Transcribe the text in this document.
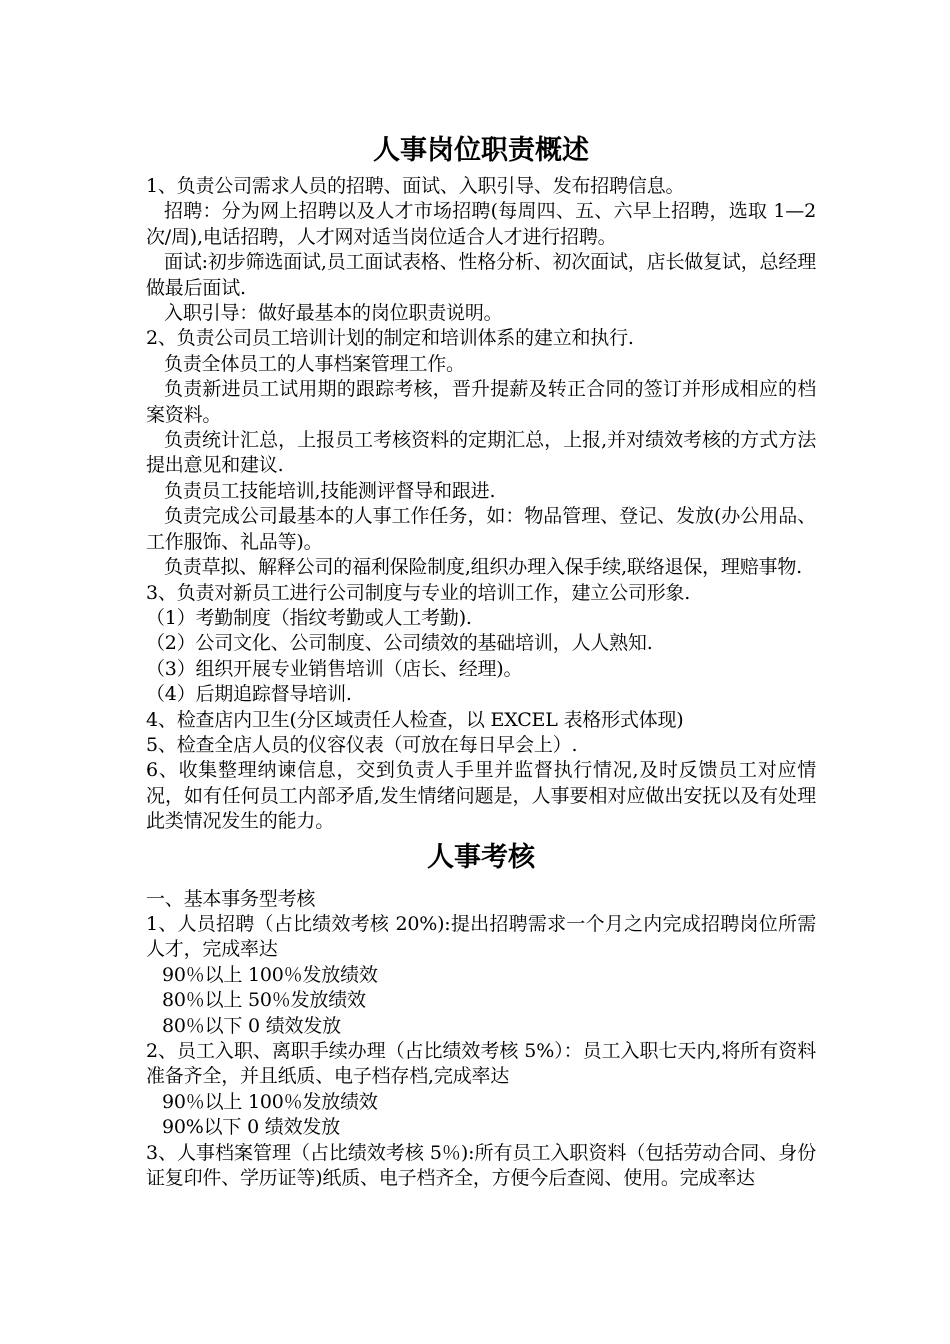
人事岗位职责概述

1、负责公司需求人员的招聘、面试、入职引导、发布招聘信息。

招聘：分为网上招聘以及人才市场招聘(每周四、五、六早上招聘，选取 1—2 次/周),电话招聘，人才网对适当岗位适合人才进行招聘。

面试:初步筛选面试,员工面试表格、性格分析、初次面试，店长做复试，总经理做最后面试.

入职引导：做好最基本的岗位职责说明。

2、负责公司员工培训计划的制定和培训体系的建立和执行.

负责全体员工的人事档案管理工作。

负责新进员工试用期的跟踪考核，晋升提薪及转正合同的签订并形成相应的档案资料。

负责统计汇总，上报员工考核资料的定期汇总，上报,并对绩效考核的方式方法提出意见和建议.

负责员工技能培训,技能测评督导和跟进.

负责完成公司最基本的人事工作任务，如：物品管理、登记、发放(办公用品、工作服饰、礼品等)。

负责草拟、解释公司的福利保险制度,组织办理入保手续,联络退保，理赔事物.

3、负责对新员工进行公司制度与专业的培训工作，建立公司形象.

（1）考勤制度（指纹考勤或人工考勤).

（2）公司文化、公司制度、公司绩效的基础培训，人人熟知.

（3）组织开展专业销售培训（店长、经理)。

（4）后期追踪督导培训.

4、检查店内卫生(分区域责任人检查，以 EXCEL 表格形式体现)

5、检查全店人员的仪容仪表（可放在每日早会上）.

6、收集整理纳谏信息，交到负责人手里并监督执行情况,及时反馈员工对应情况，如有任何员工内部矛盾,发生情绪问题是，人事要相对应做出安抚以及有处理此类情况发生的能力。

人事考核

一、基本事务型考核

1、人员招聘（占比绩效考核 20%):提出招聘需求一个月之内完成招聘岗位所需人才，完成率达

90％以上 100％发放绩效

80％以上 50％发放绩效

80％以下 0 绩效发放

2、员工入职、离职手续办理（占比绩效考核 5%）：员工入职七天内,将所有资料准备齐全，并且纸质、电子档存档,完成率达

90％以上 100％发放绩效

90%以下 0 绩效发放

3、人事档案管理（占比绩效考核 5％):所有员工入职资料（包括劳动合同、身份证复印件、学历证等)纸质、电子档齐全，方便今后查阅、使用。完成率达
